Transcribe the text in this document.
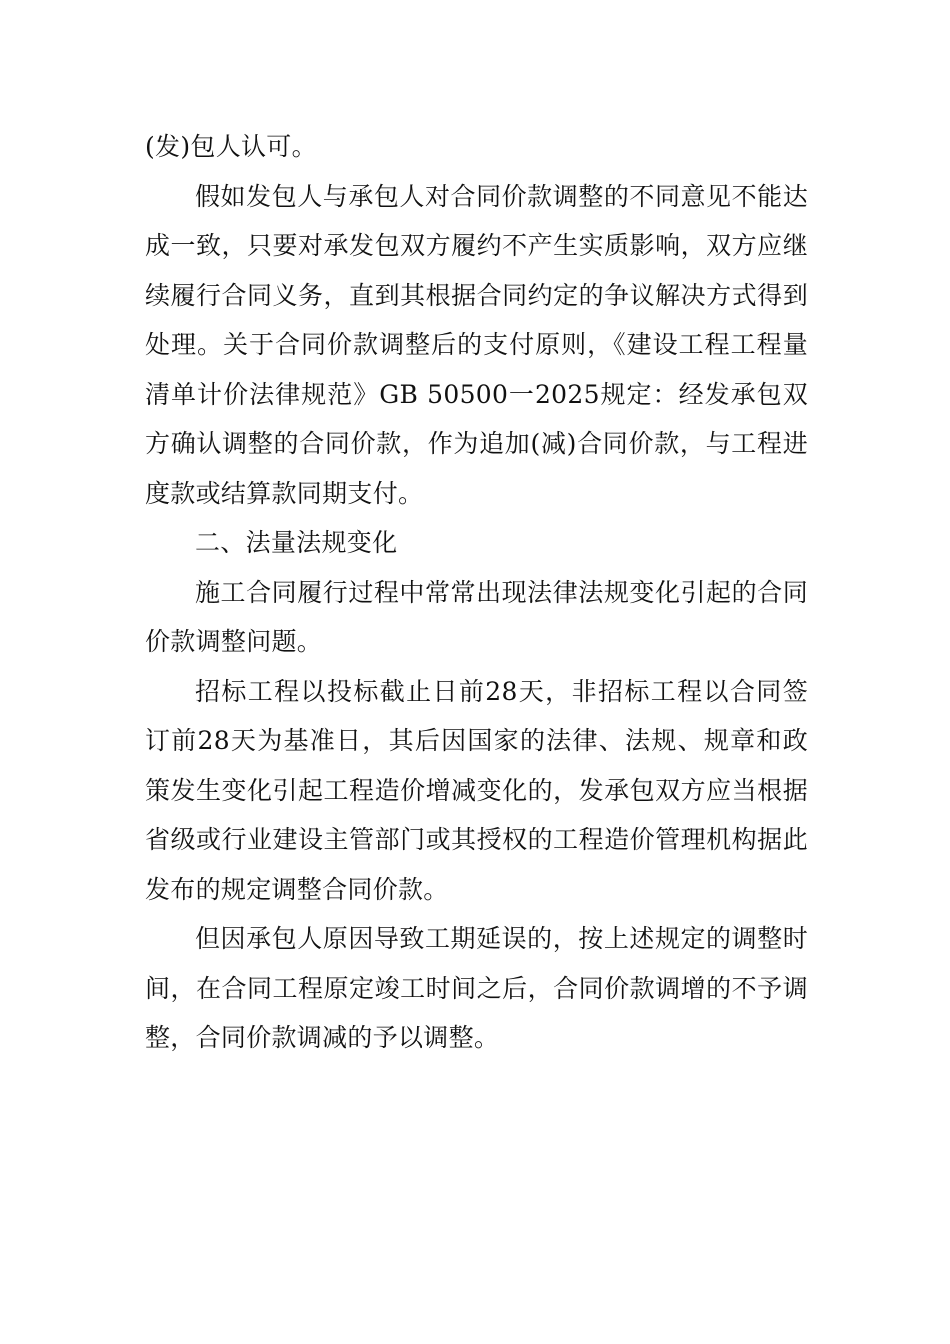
(发)包人认可。

假如发包人与承包人对合同价款调整的不同意见不能达成一致，只要对承发包双方履约不产生实质影响，双方应继续履行合同义务，直到其根据合同约定的争议解决方式得到处理。关于合同价款调整后的支付原则，《建设工程工程量清单计价法律规范》GB 50500一2025规定：经发承包双方确认调整的合同价款，作为追加(减)合同价款，与工程进度款或结算款同期支付。

二、法量法规变化

施工合同履行过程中常常出现法律法规变化引起的合同价款调整问题。

招标工程以投标截止日前28天，非招标工程以合同签订前28天为基准日，其后因国家的法律、法规、规章和政策发生变化引起工程造价增减变化的，发承包双方应当根据省级或行业建设主管部门或其授权的工程造价管理机构据此发布的规定调整合同价款。

但因承包人原因导致工期延误的，按上述规定的调整时间，在合同工程原定竣工时间之后，合同价款调增的不予调整，合同价款调减的予以调整。
